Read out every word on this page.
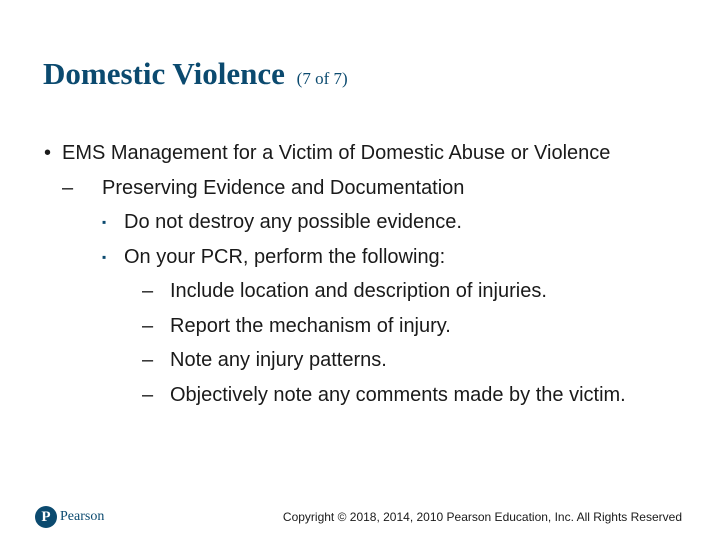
Domestic Violence (7 of 7)
• EMS Management for a Victim of Domestic Abuse or Violence
–	Preserving Evidence and Documentation
▪ Do not destroy any possible evidence.
▪ On your PCR, perform the following:
– Include location and description of injuries.
– Report the mechanism of injury.
– Note any injury patterns.
– Objectively note any comments made by the victim.
P Pearson	Copyright © 2018, 2014, 2010 Pearson Education, Inc. All Rights Reserved
